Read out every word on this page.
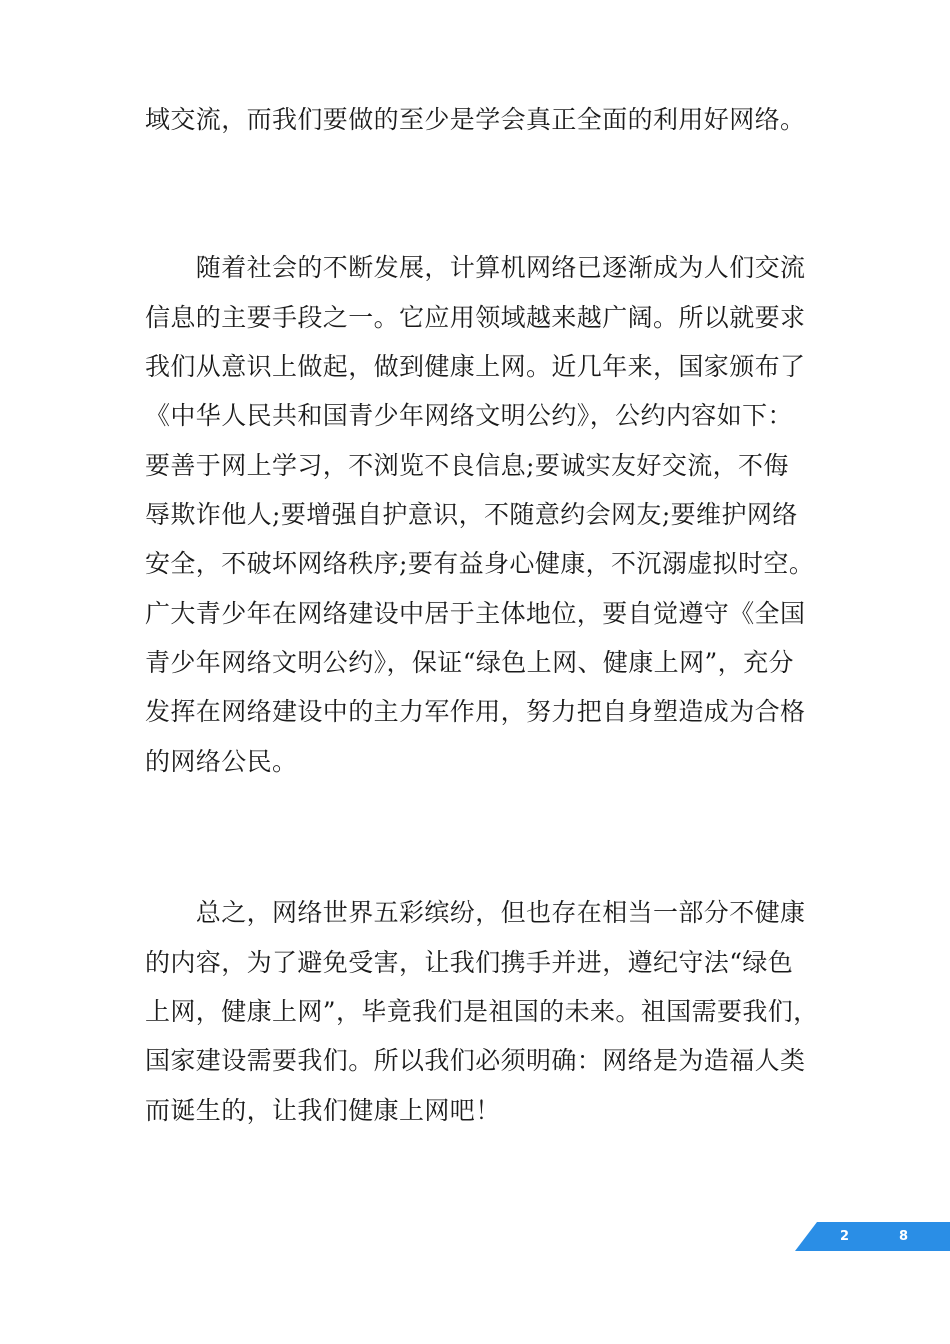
域交流，而我们要做的至少是学会真正全面的利用好网络。
　　随着社会的不断发展，计算机网络已逐渐成为人们交流
信息的主要手段之一。它应用领域越来越广阔。所以就要求
我们从意识上做起，做到健康上网。近几年来，国家颁布了
《中华人民共和国青少年网络文明公约》，公约内容如下：
要善于网上学习，不浏览不良信息;要诚实友好交流，不侮
辱欺诈他人;要增强自护意识，不随意约会网友;要维护网络
安全，不破坏网络秩序;要有益身心健康，不沉溺虚拟时空。
广大青少年在网络建设中居于主体地位，要自觉遵守《全国
青少年网络文明公约》，保证“绿色上网、健康上网”，充分
发挥在网络建设中的主力军作用，努力把自身塑造成为合格
的网络公民。
　　总之，网络世界五彩缤纷，但也存在相当一部分不健康
的内容，为了避免受害，让我们携手并进，遵纪守法“绿色
上网，健康上网”，毕竟我们是祖国的未来。祖国需要我们，
国家建设需要我们。所以我们必须明确：网络是为造福人类
而诞生的，让我们健康上网吧！
2	8
